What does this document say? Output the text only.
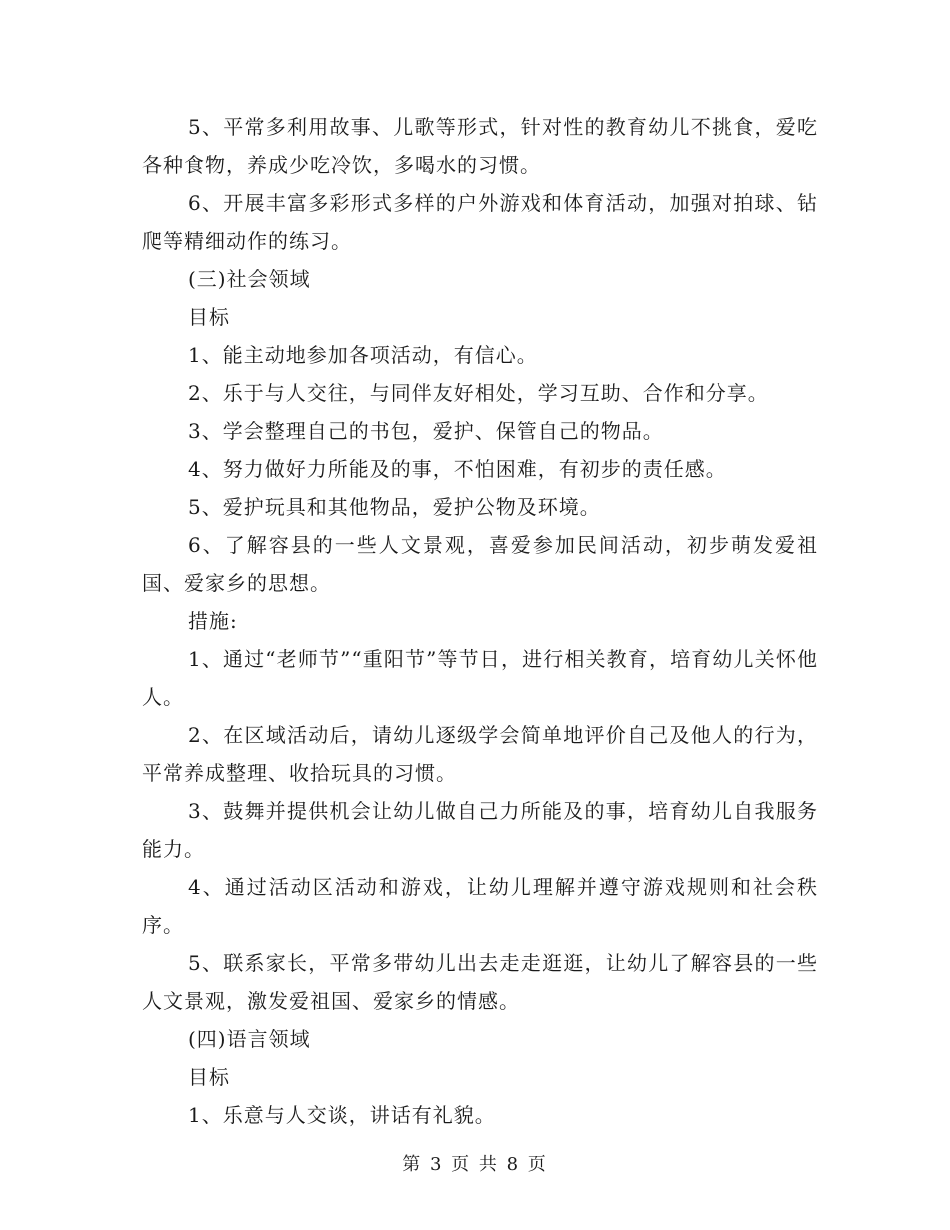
5、平常多利用故事、儿歌等形式，针对性的教育幼儿不挑食，爱吃各种食物，养成少吃冷饮，多喝水的习惯。

6、开展丰富多彩形式多样的户外游戏和体育活动，加强对拍球、钻爬等精细动作的练习。

(三)社会领域

目标

1、能主动地参加各项活动，有信心。

2、乐于与人交往，与同伴友好相处，学习互助、合作和分享。

3、学会整理自己的书包，爱护、保管自己的物品。

4、努力做好力所能及的事，不怕困难，有初步的责任感。

5、爱护玩具和其他物品，爱护公物及环境。

6、了解容县的一些人文景观，喜爱参加民间活动，初步萌发爱祖国、爱家乡的思想。

措施:

1、通过“老师节”“重阳节”等节日，进行相关教育，培育幼儿关怀他人。

2、在区域活动后，请幼儿逐级学会简单地评价自己及他人的行为，平常养成整理、收拾玩具的习惯。

3、鼓舞并提供机会让幼儿做自己力所能及的事，培育幼儿自我服务能力。

4、通过活动区活动和游戏，让幼儿理解并遵守游戏规则和社会秩序。

5、联系家长，平常多带幼儿出去走走逛逛，让幼儿了解容县的一些人文景观，激发爱祖国、爱家乡的情感。

(四)语言领域

目标

1、乐意与人交谈，讲话有礼貌。

第 3 页 共 8 页
